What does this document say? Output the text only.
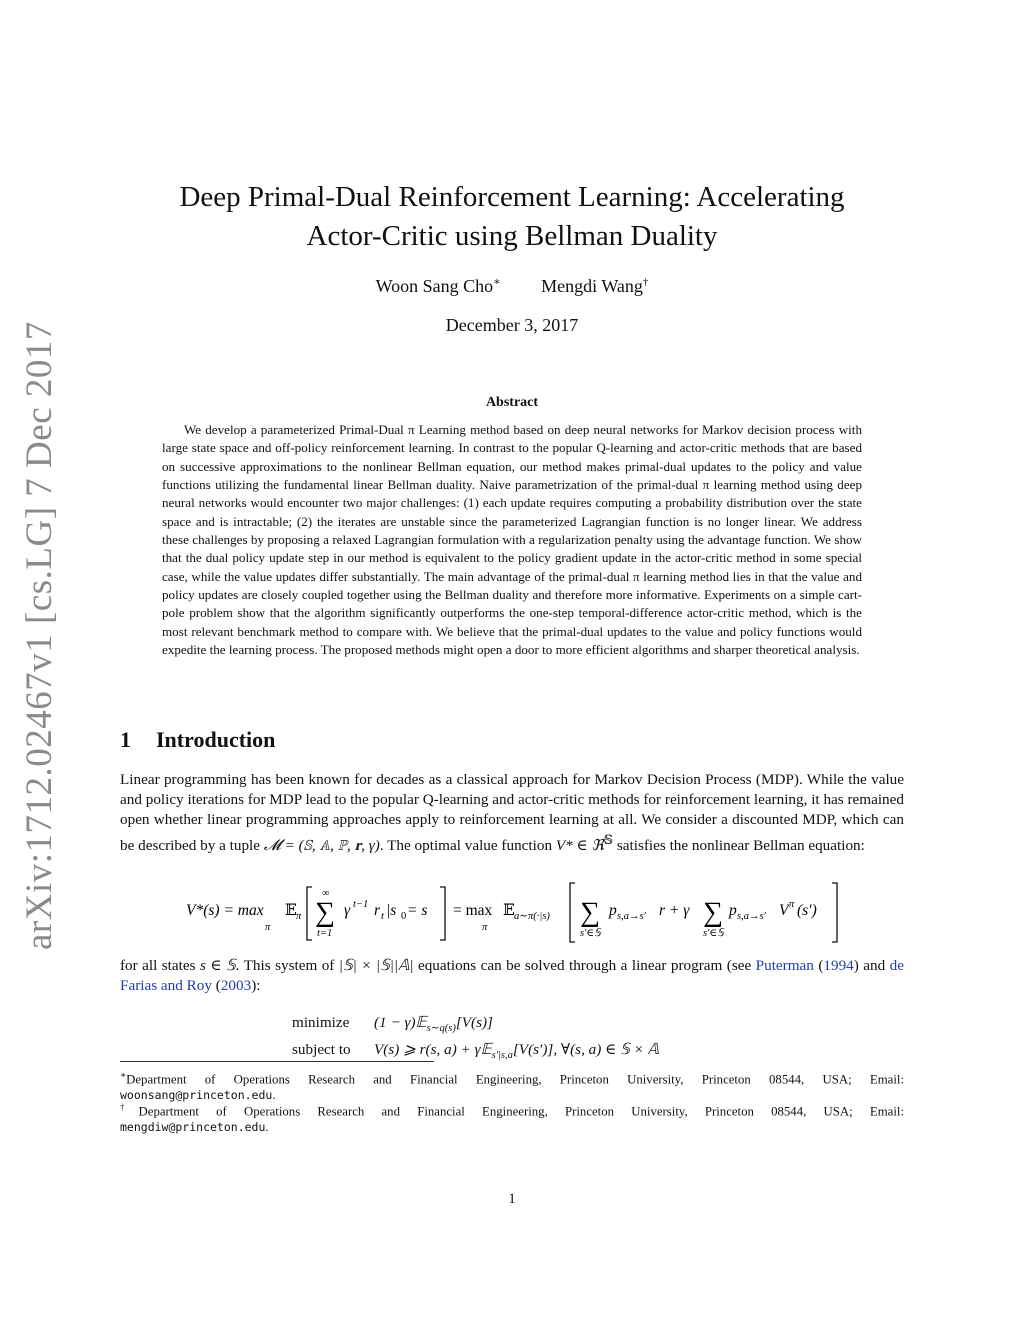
arXiv:1712.02467v1 [cs.LG] 7 Dec 2017
Deep Primal-Dual Reinforcement Learning: Accelerating
Actor-Critic using Bellman Duality
Woon Sang Cho∗ Mengdi Wang†
December 3, 2017
Abstract

We develop a parameterized Primal-Dual π Learning method based on deep neural networks for Markov decision process with large state space and off-policy reinforcement learning. In contrast to the popular Q-learning and actor-critic methods that are based on successive approximations to the nonlinear Bellman equation, our method makes primal-dual updates to the policy and value functions utilizing the fundamental linear Bellman duality. Naive parametrization of the primal-dual π learning method using deep neural networks would encounter two major challenges: (1) each update requires computing a probability distribution over the state space and is intractable; (2) the iterates are unstable since the parameterized Lagrangian function is no longer linear. We address these challenges by proposing a relaxed Lagrangian formulation with a regularization penalty using the advantage function. We show that the dual policy update step in our method is equivalent to the policy gradient update in the actor-critic method in some special case, while the value updates differ substantially. The main advantage of the primal-dual π learning method lies in that the value and policy updates are closely coupled together using the Bellman duality and therefore more informative. Experiments on a simple cart-pole problem show that the algorithm significantly outperforms the one-step temporal-difference actor-critic method, which is the most relevant benchmark method to compare with. We believe that the primal-dual updates to the value and policy functions would expedite the learning process. The proposed methods might open a door to more efficient algorithms and sharper theoretical analysis.

1 Introduction

Linear programming has been known for decades as a classical approach for Markov Decision Process (MDP). While the value and policy iterations for MDP lead to the popular Q-learning and actor-critic methods for reinforcement learning, it has remained open whether linear programming approaches apply to reinforcement learning at all. We consider a discounted MDP, which can be described by a tuple 𝓜 = (𝕊, 𝔸, ℙ, 𝐫, γ). The optimal value function V* ∈ ℜ$^𝕊$ satisfies the nonlinear Bellman equation:

V*(s) = max
π
𝔼 π
∞
∑
t=1
γ t−1 r t |s 0 = s = max
π
𝔼 a∼π(·|s) ∑
s′∈𝕊
p s,a→s′ r + γ ∑
s′∈𝕊
p s,a→s′ V π (s′)

for all states s ∈ 𝕊. This system of |𝕊| × |𝕊||𝔸| equations can be solved through a linear program (see Puterman (1994) and de Farias and Roy (2003):

minimize (1 − γ)𝔼$_{s\sim q(s)}$[V(s)]
subject to V(s) ⩾ r(s, a) + γ𝔼$_{s'|s,a}$[V(s′)], ∀(s, a) ∈ 𝕊 × 𝔸

∗Department of Operations Research and Financial Engineering, Princeton University, Princeton 08544, USA; Email:
woonsang@princeton.edu.

†Department of Operations Research and Financial Engineering, Princeton University, Princeton 08544, USA; Email:
mengdiw@princeton.edu.

1
